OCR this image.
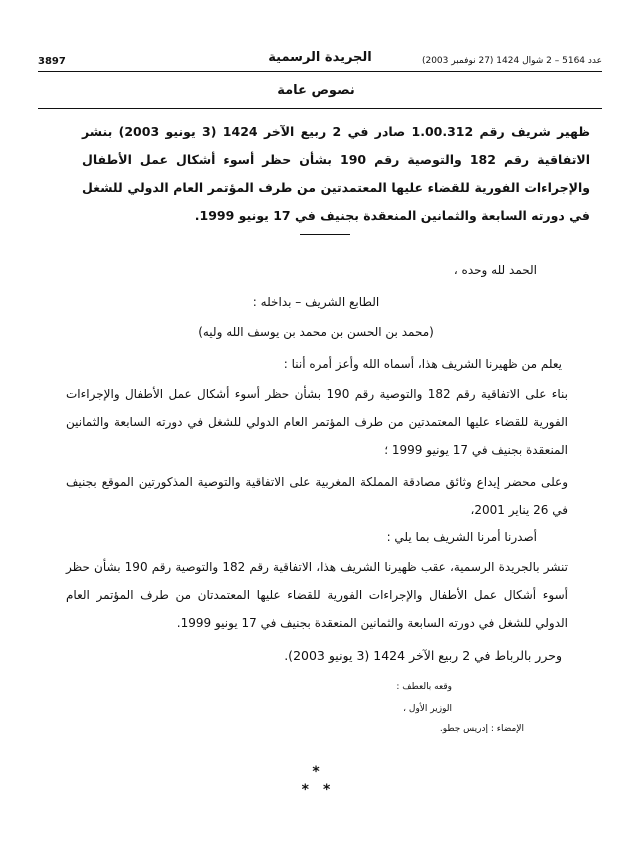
3897	الجريدة الرسمية	عدد 5164 – 2 شوال 1424 (27 نوفمبر 2003)
نصوص عامة
ظهير شريف رقم 1.00.312 صادر في 2 ربيع الآخر 1424 (3 يونيو 2003) بنشر الاتفاقية رقم 182 والتوصية رقم 190 بشأن حظر أسوء أشكال عمل الأطفال والإجراءات الفورية للقضاء عليها المعتمدتين من طرف المؤتمر العام الدولي للشغل في دورته السابعة والثمانين المنعقدة بجنيف في 17 يونيو 1999.
الحمد لله وحده ،
الطابع الشريف – بداخله :
(محمد بن الحسن بن محمد بن يوسف الله وليه)
يعلم من ظهيرنا الشريف هذا، أسماه الله وأعز أمره أننا :
بناء على الاتفاقية رقم 182 والتوصية رقم 190 بشأن حظر أسوء أشكال عمل الأطفال والإجراءات الفورية للقضاء عليها المعتمدتين من طرف المؤتمر العام الدولي للشغل في دورته السابعة والثمانين المنعقدة بجنيف في 17 يونيو 1999 ؛
وعلى محضر إيداع وثائق مصادقة المملكة المغربية على الاتفاقية والتوصية المذكورتين الموقع بجنيف في 26 يناير 2001،
أصدرنا أمرنا الشريف بما يلي :
تنشر بالجريدة الرسمية، عقب ظهيرنا الشريف هذا، الاتفاقية رقم 182 والتوصية رقم 190 بشأن حظر أسوء أشكال عمل الأطفال والإجراءات الفورية للقضاء عليها المعتمدتان من طرف المؤتمر العام الدولي للشغل في دورته السابعة والثمانين المنعقدة بجنيف في 17 يونيو 1999.
وحرر بالرباط في 2 ربيع الآخر 1424 (3 يونيو 2003).
وقعه بالعطف :
الوزير الأول ،
الإمضاء : إدريس جطو.
*
**
